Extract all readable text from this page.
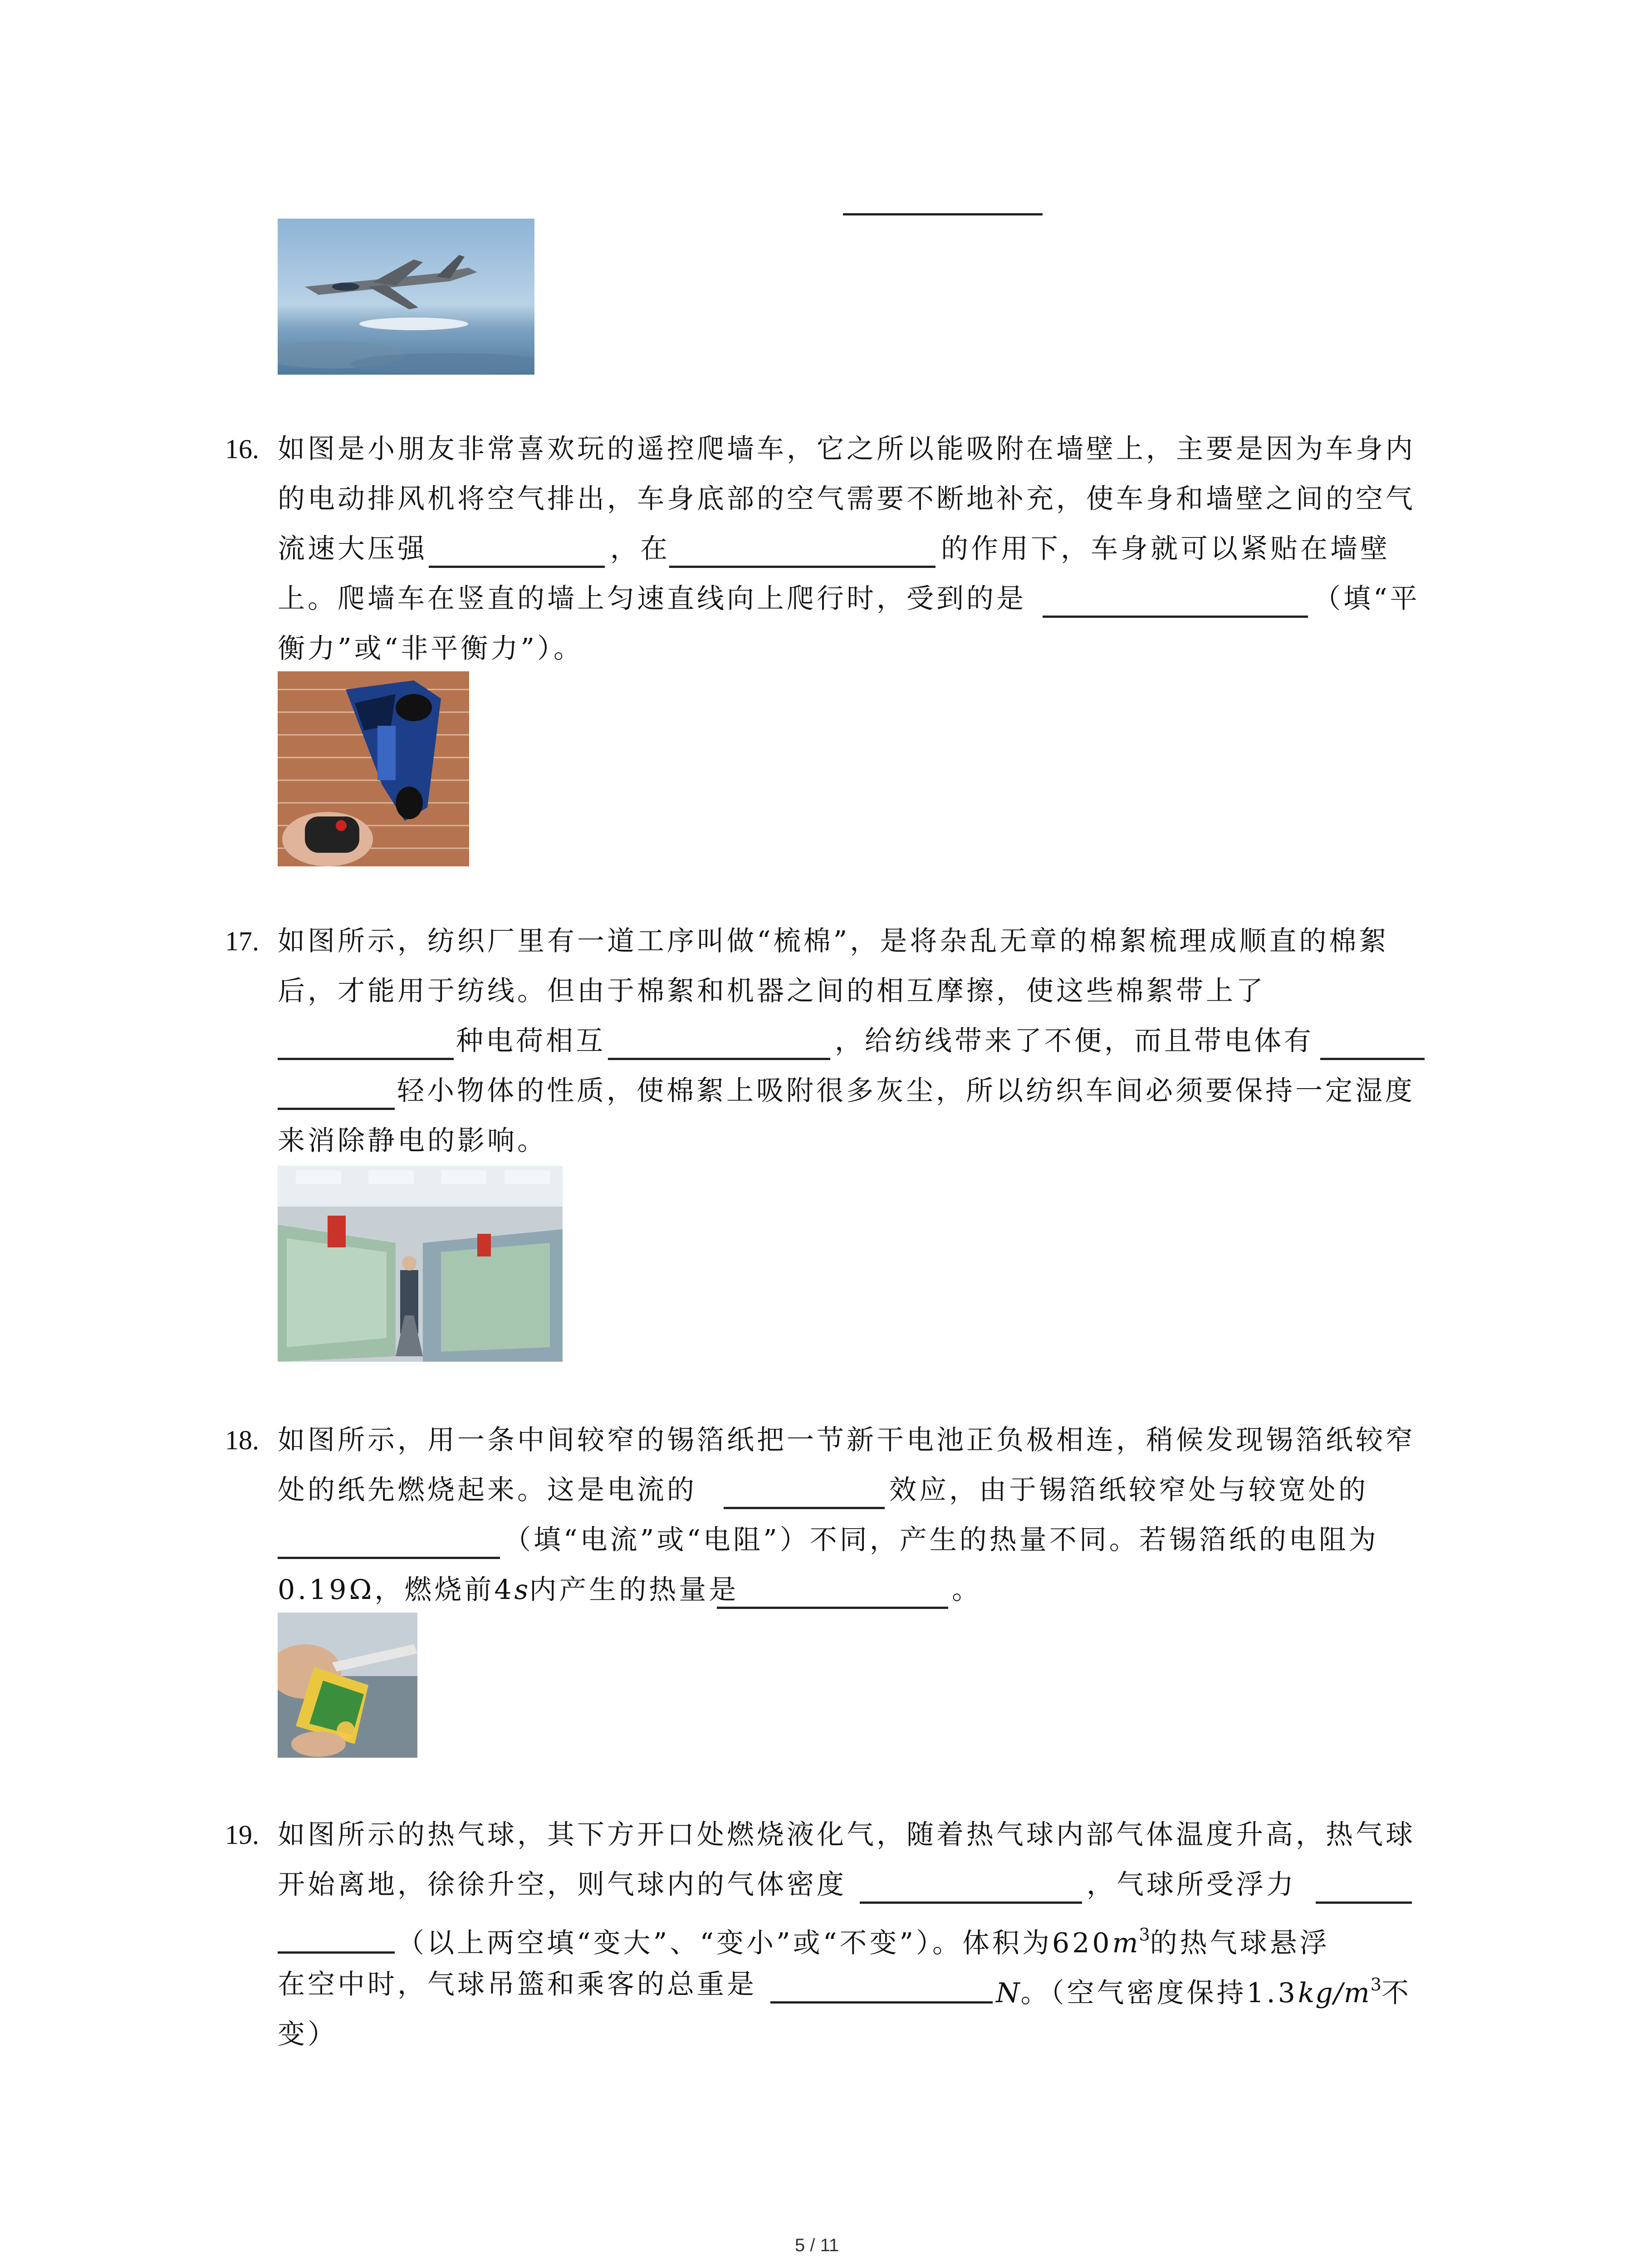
16. 如图是小朋友非常喜欢玩的遥控爬墙车，它之所以能吸附在墙壁上，主要是因为车身内
的电动排风机将空气排出，车身底部的空气需要不断地补充，使车身和墙壁之间的空气
流速大压强	，在	的作用下，车身就可以紧贴在墙壁
上。爬墙车在竖直的墙上匀速直线向上爬行时，受到的是	（填“平
衡力”或“非平衡力”）。
17. 如图所示，纺织厂里有一道工序叫做“梳棉”，是将杂乱无章的棉絮梳理成顺直的棉絮
后，才能用于纺线。但由于棉絮和机器之间的相互摩擦，使这些棉絮带上了
种电荷相互	，给纺线带来了不便，而且带电体有
轻小物体的性质，使棉絮上吸附很多灰尘，所以纺织车间必须要保持一定湿度
来消除静电的影响。
18. 如图所示，用一条中间较窄的锡箔纸把一节新干电池正负极相连，稍候发现锡箔纸较窄
处的纸先燃烧起来。这是电流的	效应，由于锡箔纸较窄处与较宽处的
（填“电流”或“电阻”）不同，产生的热量不同。若锡箔纸的电阻为
0.19Ω，燃烧前4s内产生的热量是	。
19. 如图所示的热气球，其下方开口处燃烧液化气，随着热气球内部气体温度升高，热气球
开始离地，徐徐升空，则气球内的气体密度	，气球所受浮力
（以上两空填“变大”、“变小”或“不变”）。体积为$620m^3$的热气球悬浮
在空中时，气球吊篮和乘客的总重是	N。（空气密度保持$1.3kg/m^3$不
变）
5 / 11
